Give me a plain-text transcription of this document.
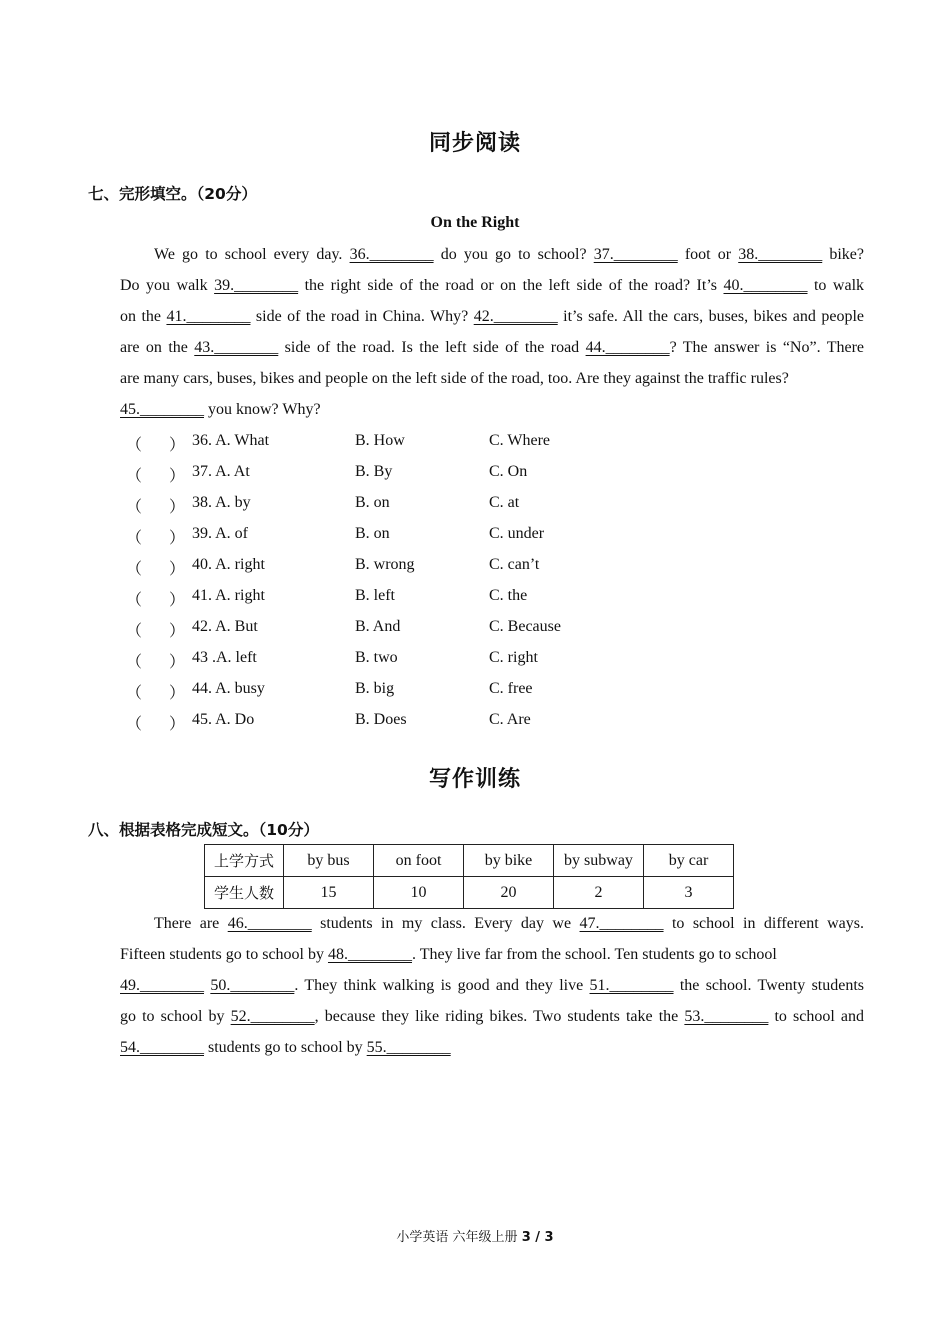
同步阅读
七、完形填空。（20分）
On the Right
We go to school every day. 36.________ do you go to school? 37.________ foot or 38.________ bike?
Do you walk 39.________ the right side of the road or on the left side of the road? It’s 40.________ to walk
on the 41.________ side of the road in China. Why? 42.________ it’s safe. All the cars, buses, bikes and people
are on the 43.________ side of the road. Is the left side of the road 44.________? The answer is “No”. There
are many cars, buses, bikes and people on the left side of the road, too. Are they against the traffic rules?
45.________ you know? Why?
（ ） 36. A. What	B. How	C. Where
（ ） 37. A. At	B. By	C. On
（ ） 38. A. by	B. on	C. at
（ ） 39. A. of	B. on	C. under
（ ） 40. A. right	B. wrong	C. can’t
（ ） 41. A. right	B. left	C. the
（ ） 42. A. But	B. And	C. Because
（ ） 43 .A. left	B. two	C. right
（ ） 44. A. busy	B. big	C. free
（ ） 45. A. Do	B. Does	C. Are
写作训练
八、根据表格完成短文。（10分）
上学方式	by bus	on foot	by bike	by subway	by car
学生人数	15	10	20	2	3
There are 46.________ students in my class. Every day we 47.________ to school in different ways.
Fifteen students go to school by 48.________. They live far from the school. Ten students go to school
49.________ 50.________. They think walking is good and they live 51.________ the school. Twenty students
go to school by 52.________, because they like riding bikes. Two students take the 53.________ to school and
54.________ students go to school by 55.________
小学英语 六年级上册 3 / 3
